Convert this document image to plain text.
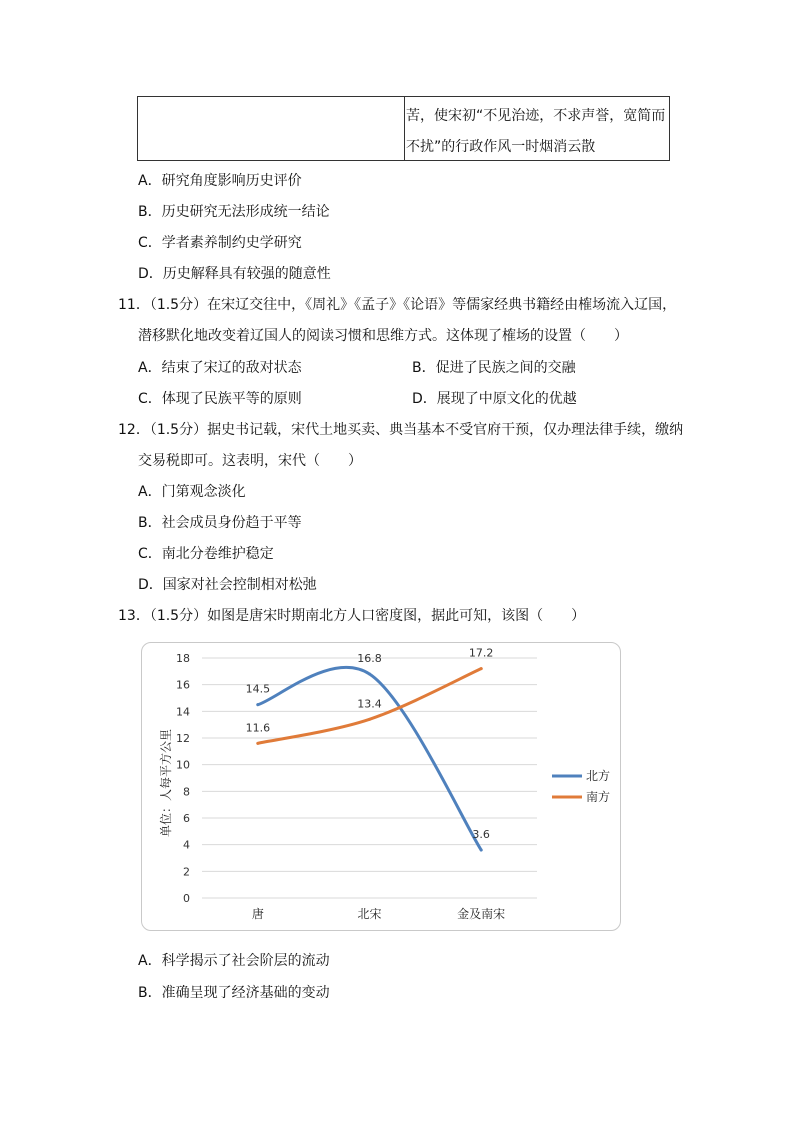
苦，使宋初“不见治迹，不求声誉，宽简而
不扰”的行政作风一时烟消云散
A．研究角度影响历史评价
B．历史研究无法形成统一结论
C．学者素养制约史学研究
D．历史解释具有较强的随意性
11．（1.5分）在宋辽交往中，《周礼》《孟子》《论语》等儒家经典书籍经由榷场流入辽国，
潜移默化地改变着辽国人的阅读习惯和思维方式。这体现了榷场的设置（　　）
A．结束了宋辽的敌对状态	B．促进了民族之间的交融
C．体现了民族平等的原则	D．展现了中原文化的优越
12．（1.5分）据史书记载，宋代土地买卖、典当基本不受官府干预，仅办理法律手续，缴纳
交易税即可。这表明，宋代（　　）
A．门第观念淡化
B．社会成员身份趋于平等
C．南北分卷维护稳定
D．国家对社会控制相对松弛
13．（1.5分）如图是唐宋时期南北方人口密度图，据此可知，该图（　　）
0
2
4
6
8
10
12
14
16
18
唐	北宋	金及南宋
14.5
16.8
3.6
11.6
13.4
17.2
北方
南方
单位：人每平方公里
A．科学揭示了社会阶层的流动
B．准确呈现了经济基础的变动
